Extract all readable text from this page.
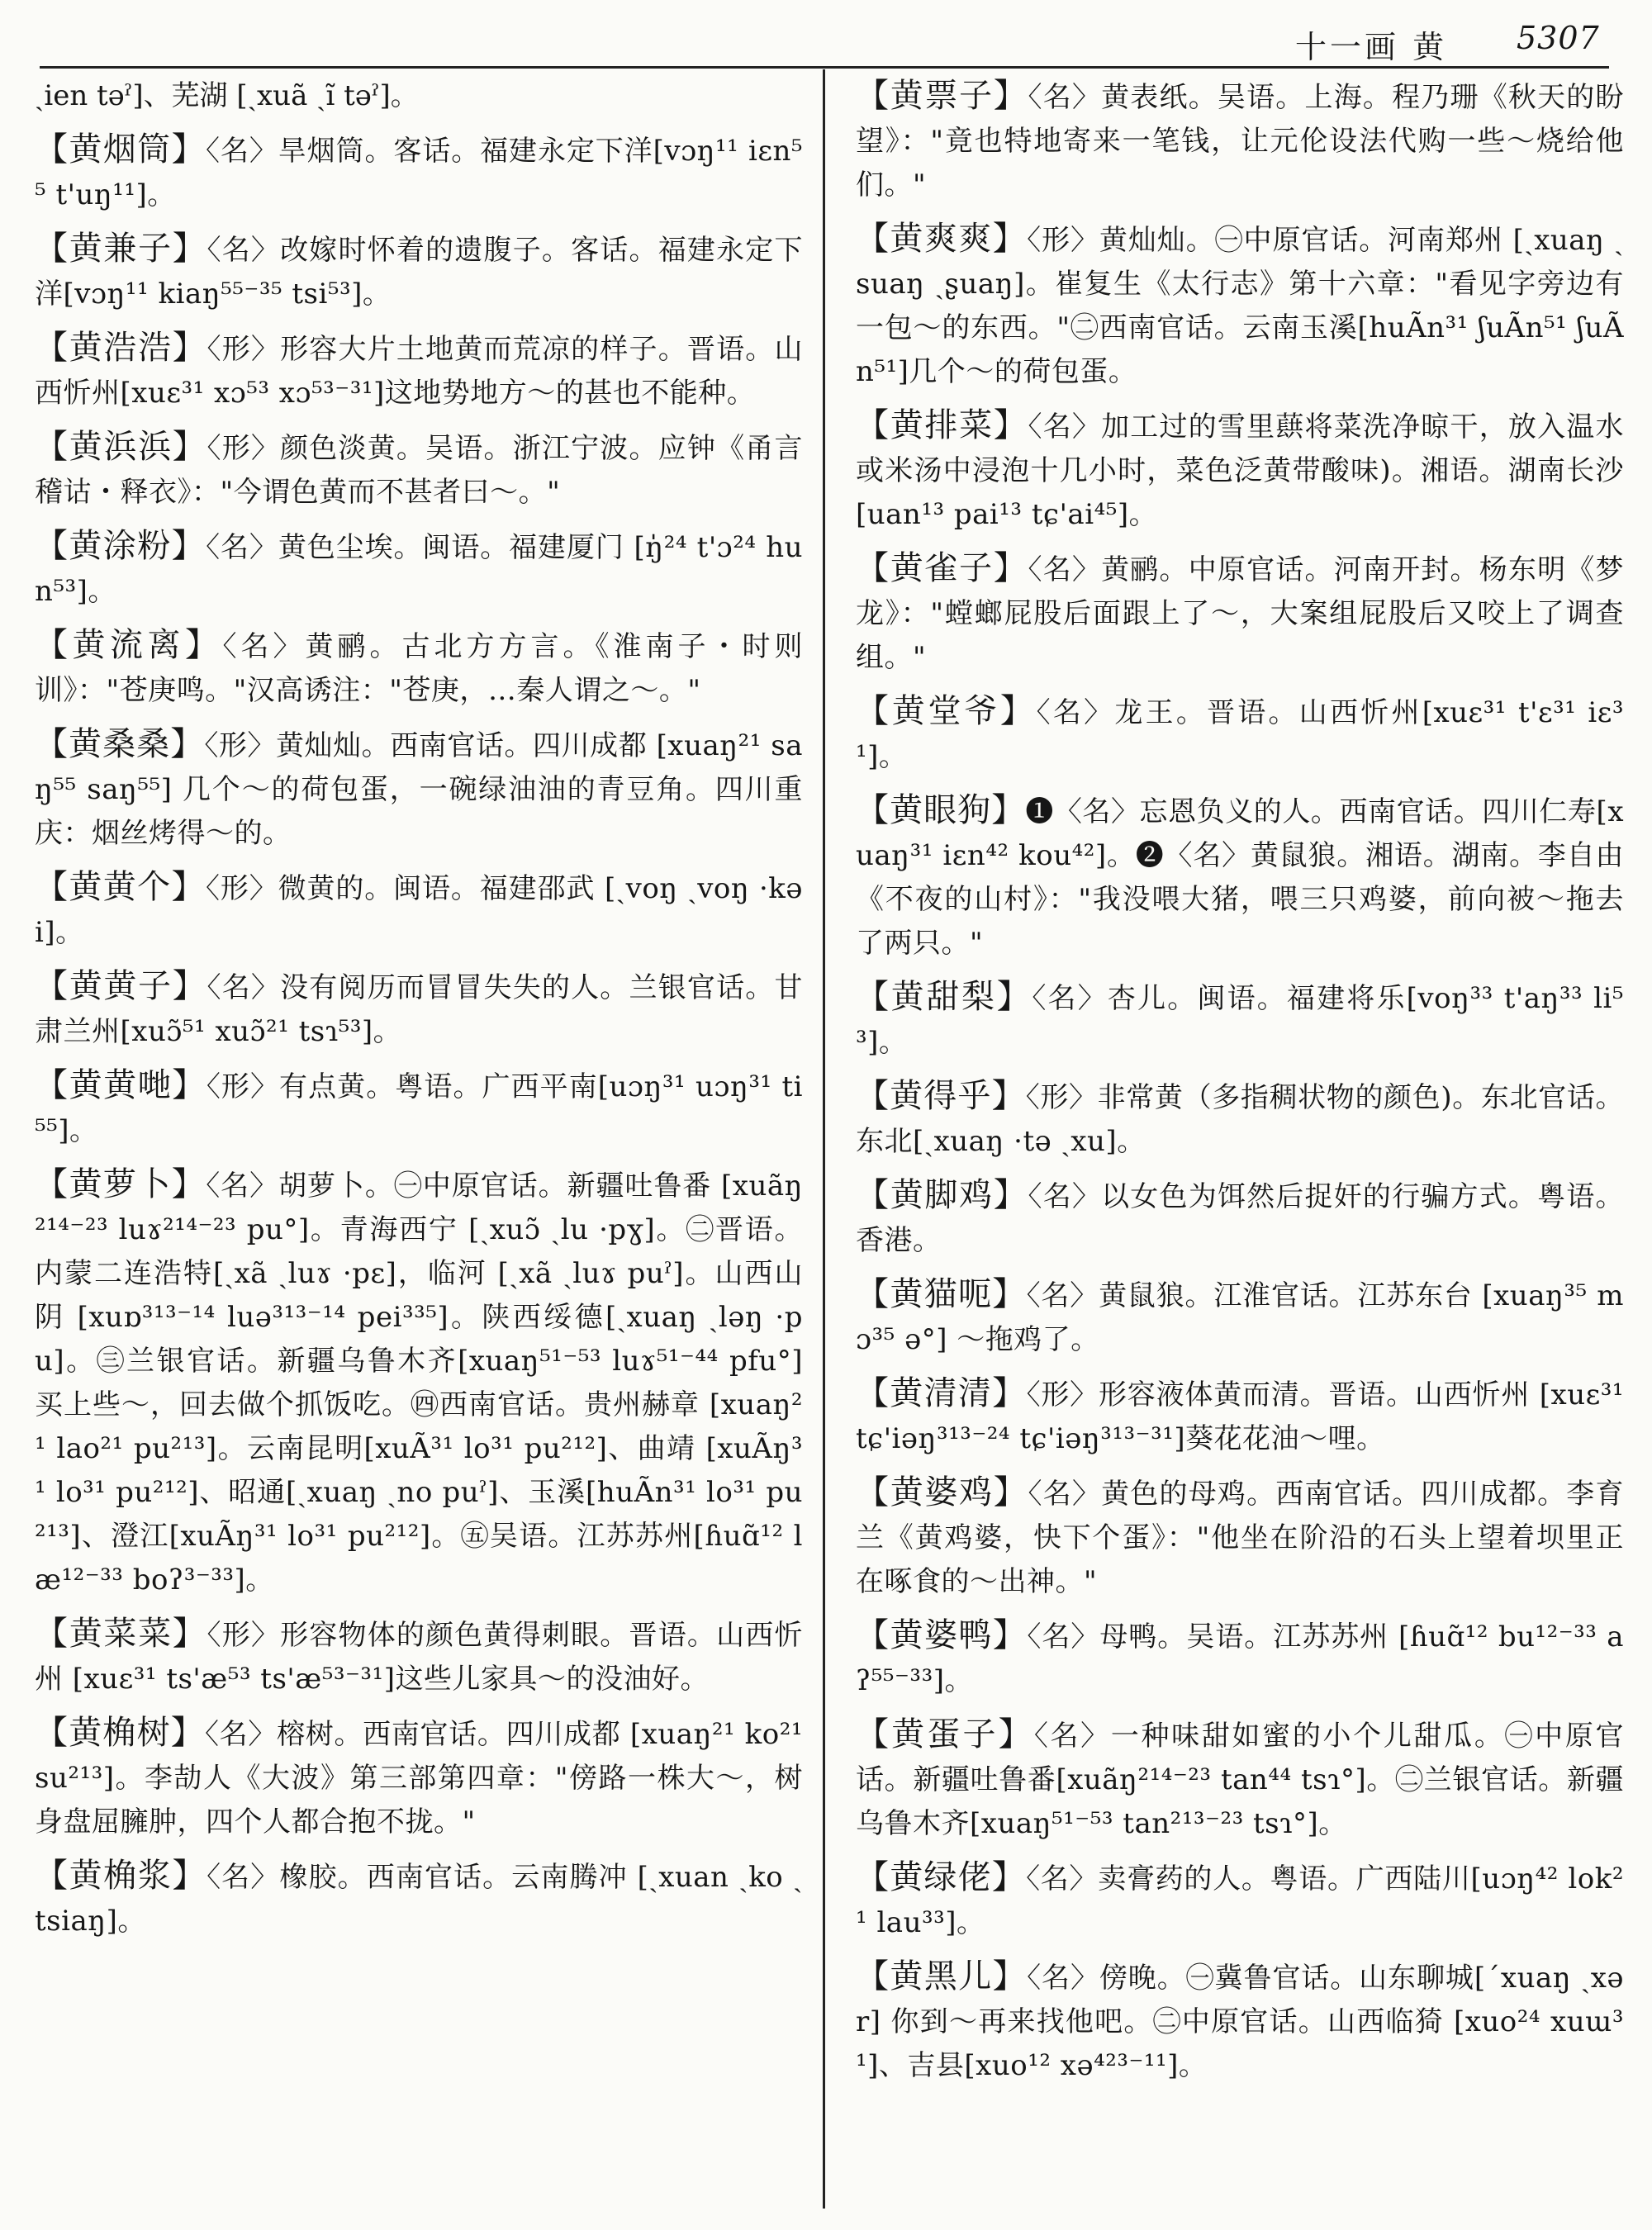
十一画 黄 5307
ˏien təˀ]、芜湖 [ˏxuã ˏĩ təˀ]。
【黄烟筒】〈名〉旱烟筒。客话。福建永定下洋[vɔŋ¹¹ iɛn⁵⁵ t'uŋ¹¹]。
【黄兼子】〈名〉改嫁时怀着的遗腹子。客话。福建永定下洋[vɔŋ¹¹ kiaŋ⁵⁵⁻³⁵ tsi⁵³]。
【黄浩浩】〈形〉形容大片土地黄而荒凉的样子。晋语。山西忻州[xuɛ³¹ xɔ⁵³ xɔ⁵³⁻³¹]这地势地方～的甚也不能种。
【黄浜浜】〈形〉颜色淡黄。吴语。浙江宁波。应钟《甬言稽诂・释衣》："今谓色黄而不甚者曰～。"
【黄涂粉】〈名〉黄色尘埃。闽语。福建厦门 [ŋ̍²⁴ t'ɔ²⁴ hun⁵³]。
【黄流离】〈名〉黄鹂。古北方方言。《淮南子・时则训》："苍庚鸣。"汉高诱注："苍庚，…秦人谓之～。"
【黄桑桑】〈形〉黄灿灿。西南官话。四川成都 [xuaŋ²¹ saŋ⁵⁵ saŋ⁵⁵] 几个～的荷包蛋，一碗绿油油的青豆角。四川重庆：烟丝烤得～的。
【黄黄个】〈形〉微黄的。闽语。福建邵武 [ˏvoŋ ˏvoŋ ·kəi]。
【黄黄子】〈名〉没有阅历而冒冒失失的人。兰银官话。甘肃兰州[xuɔ̃⁵¹ xuɔ̃²¹ tsɿ⁵³]。
【黄黄哋】〈形〉有点黄。粤语。广西平南[uɔŋ³¹ uɔŋ³¹ ti⁵⁵]。
【黄萝卜】〈名〉胡萝卜。㊀中原官话。新疆吐鲁番 [xuãŋ²¹⁴⁻²³ luɤ²¹⁴⁻²³ pu°]。青海西宁 [ˏxuɔ̃ ˏlu ·pɣ]。㊁晋语。内蒙二连浩特[ˏxã ˏluɤ ·pɛ]，临河 [ˏxã ˏluɤ puˀ]。山西山阴 [xuɒ³¹³⁻¹⁴ luə³¹³⁻¹⁴ pei³³⁵]。陕西绥德[ˏxuaŋ ˏləŋ ·pu]。㊂兰银官话。新疆乌鲁木齐[xuaŋ⁵¹⁻⁵³ luɤ⁵¹⁻⁴⁴ pfu°]买上些～，回去做个抓饭吃。㊃西南官话。贵州赫章 [xuaŋ²¹ lao²¹ pu²¹³]。云南昆明[xuÃ³¹ lo³¹ pu²¹²]、曲靖 [xuÃŋ³¹ lo³¹ pu²¹²]、昭通[ˏxuaŋ ˏno puˀ]、玉溪[huÃn³¹ lo³¹ pu²¹³]、澄江[xuÃŋ³¹ lo³¹ pu²¹²]。㊄吴语。江苏苏州[ɦuɑ̃¹² læ¹²⁻³³ boʔ³⁻³³]。
【黄菜菜】〈形〉形容物体的颜色黄得刺眼。晋语。山西忻州 [xuɛ³¹ ts'æ⁵³ ts'æ⁵³⁻³¹]这些儿家具～的没油好。
【黄桷树】〈名〉榕树。西南官话。四川成都 [xuaŋ²¹ ko²¹ su²¹³]。李劼人《大波》第三部第四章："傍路一株大～，树身盘屈臃肿，四个人都合抱不拢。"
【黄桷浆】〈名〉橡胶。西南官话。云南腾冲 [ˏxuan ˏko ˎtsiaŋ]。
【黄票子】〈名〉黄表纸。吴语。上海。程乃珊《秋天的盼望》："竟也特地寄来一笔钱，让元伦设法代购一些～烧给他们。"
【黄爽爽】〈形〉黄灿灿。㊀中原官话。河南郑州 [ˏxuaŋ ˏsuaŋ ˏʂuaŋ]。崔复生《太行志》第十六章："看见字旁边有一包～的东西。"㊁西南官话。云南玉溪[huÃn³¹ ʃuÃn⁵¹ ʃuÃn⁵¹]几个～的荷包蛋。
【黄排菜】〈名〉加工过的雪里蕻将菜洗净晾干，放入温水或米汤中浸泡十几小时，菜色泛黄带酸味)。湘语。湖南长沙[uan¹³ pai¹³ tɕ'ai⁴⁵]。
【黄雀子】〈名〉黄鹂。中原官话。河南开封。杨东明《梦龙》："螳螂屁股后面跟上了～，大案组屁股后又咬上了调查组。"
【黄堂爷】〈名〉龙王。晋语。山西忻州[xuɛ³¹ t'ɛ³¹ iɛ³¹]。
【黄眼狗】❶〈名〉忘恩负义的人。西南官话。四川仁寿[xuaŋ³¹ iɛn⁴² kou⁴²]。❷〈名〉黄鼠狼。湘语。湖南。李自由《不夜的山村》："我没喂大猪，喂三只鸡婆，前向被～拖去了两只。"
【黄甜梨】〈名〉杏儿。闽语。福建将乐[voŋ³³ t'aŋ³³ li⁵³]。
【黄得乎】〈形〉非常黄（多指稠状物的颜色)。东北官话。东北[ˏxuaŋ ·tə ˏxu]。
【黄脚鸡】〈名〉以女色为饵然后捉奸的行骗方式。粤语。香港。
【黄猫呃】〈名〉黄鼠狼。江淮官话。江苏东台 [xuaŋ³⁵ mɔ³⁵ ə°] ～拖鸡了。
【黄清清】〈形〉形容液体黄而清。晋语。山西忻州 [xuɛ³¹ tɕ'iəŋ³¹³⁻²⁴ tɕ'iəŋ³¹³⁻³¹]葵花花油～哩。
【黄婆鸡】〈名〉黄色的母鸡。西南官话。四川成都。李育兰《黄鸡婆，快下个蛋》："他坐在阶沿的石头上望着坝里正在啄食的～出神。"
【黄婆鸭】〈名〉母鸭。吴语。江苏苏州 [ɦuɑ̃¹² bu¹²⁻³³ aʔ⁵⁵⁻³³]。
【黄蛋子】〈名〉一种味甜如蜜的小个儿甜瓜。㊀中原官话。新疆吐鲁番[xuãŋ²¹⁴⁻²³ tan⁴⁴ tsɿ°]。㊁兰银官话。新疆乌鲁木齐[xuaŋ⁵¹⁻⁵³ tan²¹³⁻²³ tsɿ°]。
【黄绿佬】〈名〉卖膏药的人。粤语。广西陆川[uɔŋ⁴² lok²¹ lau³³]。
【黄黑儿】〈名〉傍晚。㊀冀鲁官话。山东聊城[ˊxuaŋ ˏxər] 你到～再来找他吧。㊁中原官话。山西临猗 [xuo²⁴ xuɯ³¹]、吉县[xuo¹² xə⁴²³⁻¹¹]。
